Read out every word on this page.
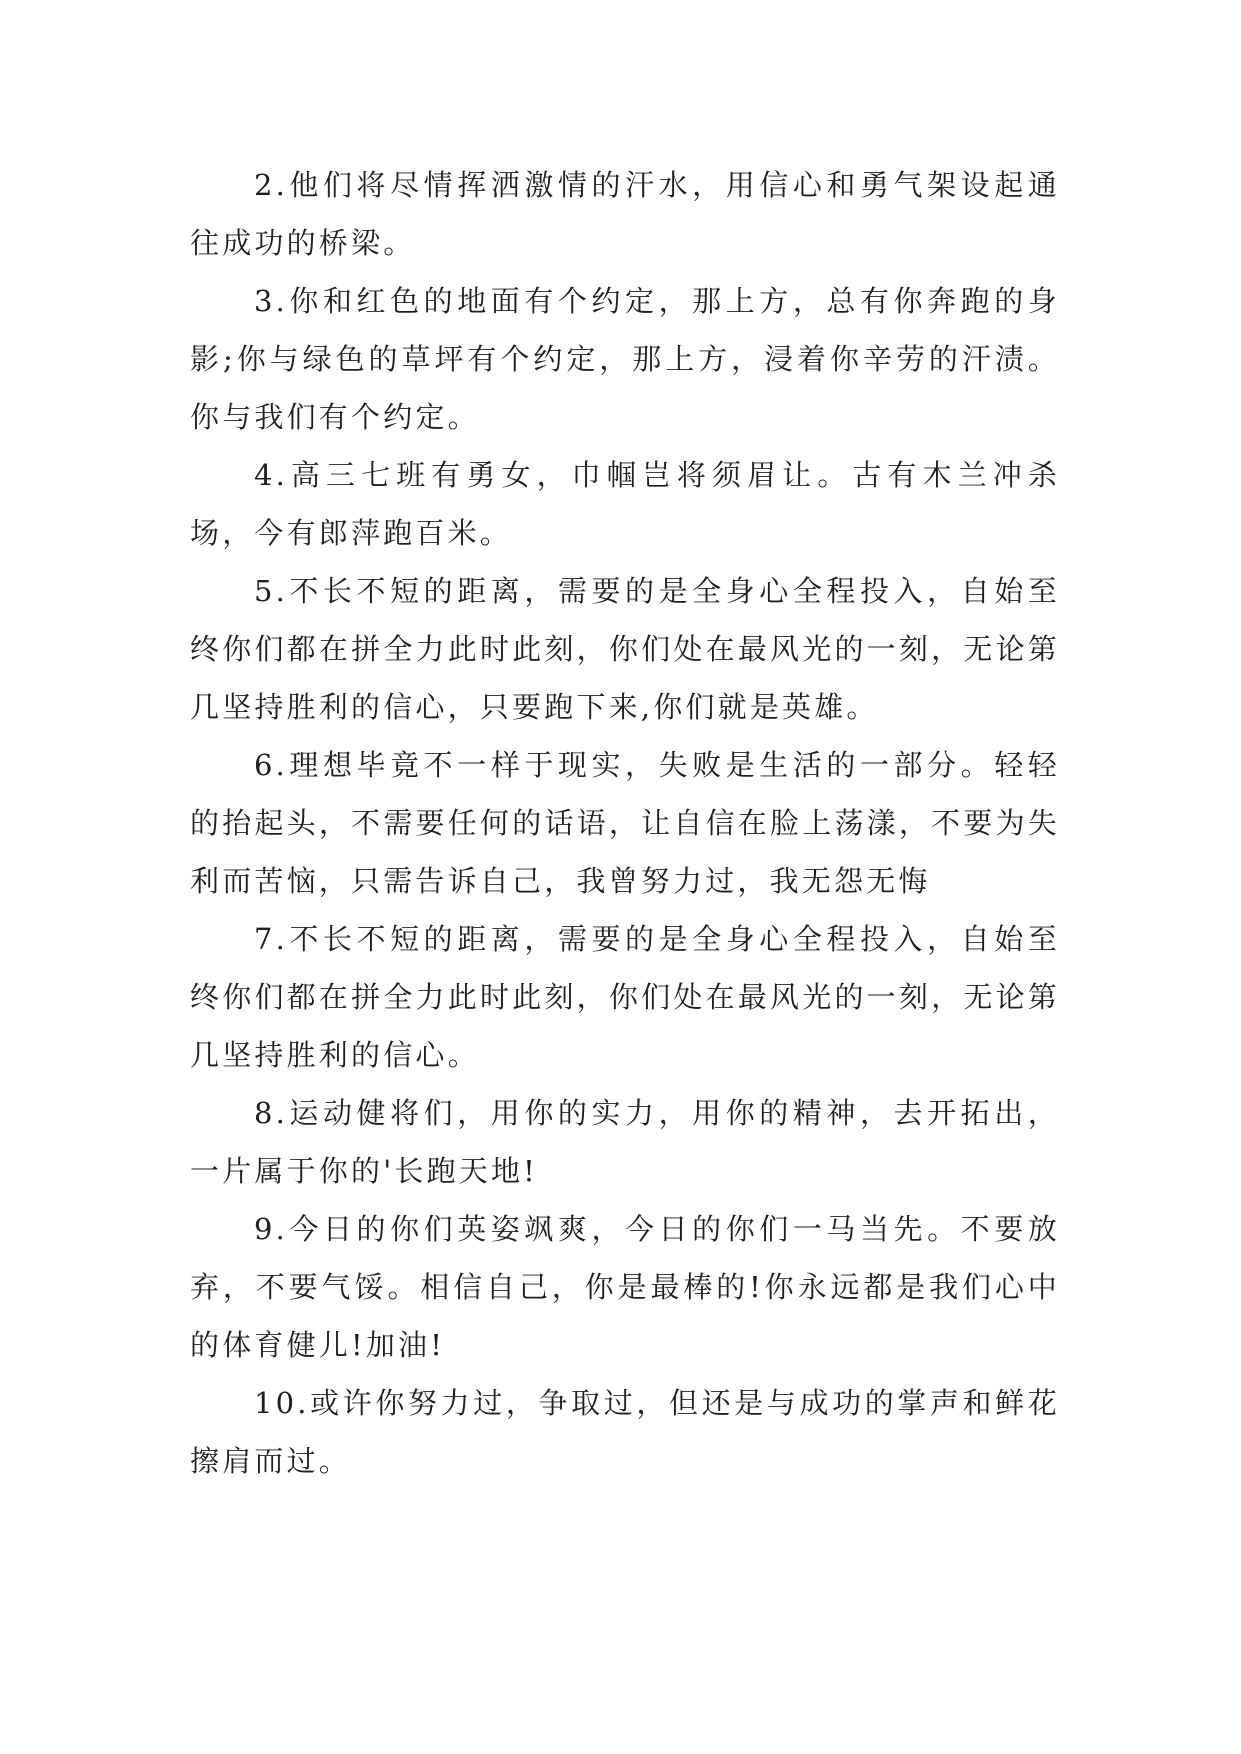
2.他们将尽情挥洒激情的汗水，用信心和勇气架设起通往成功的桥梁。

3.你和红色的地面有个约定，那上方，总有你奔跑的身影;你与绿色的草坪有个约定，那上方，浸着你辛劳的汗渍。你与我们有个约定。

4.高三七班有勇女，巾帼岂将须眉让。古有木兰冲杀场，今有郎萍跑百米。

5.不长不短的距离，需要的是全身心全程投入，自始至终你们都在拼全力此时此刻，你们处在最风光的一刻，无论第几坚持胜利的信心，只要跑下来,你们就是英雄。

6.理想毕竟不一样于现实，失败是生活的一部分。轻轻的抬起头，不需要任何的话语，让自信在脸上荡漾，不要为失利而苦恼，只需告诉自己，我曾努力过，我无怨无悔

7.不长不短的距离，需要的是全身心全程投入，自始至终你们都在拼全力此时此刻，你们处在最风光的一刻，无论第几坚持胜利的信心。

8.运动健将们，用你的实力，用你的精神，去开拓出，一片属于你的'长跑天地!

9.今日的你们英姿飒爽，今日的你们一马当先。不要放弃，不要气馁。相信自己，你是最棒的!你永远都是我们心中的体育健儿!加油!

10.或许你努力过，争取过，但还是与成功的掌声和鲜花擦肩而过。
